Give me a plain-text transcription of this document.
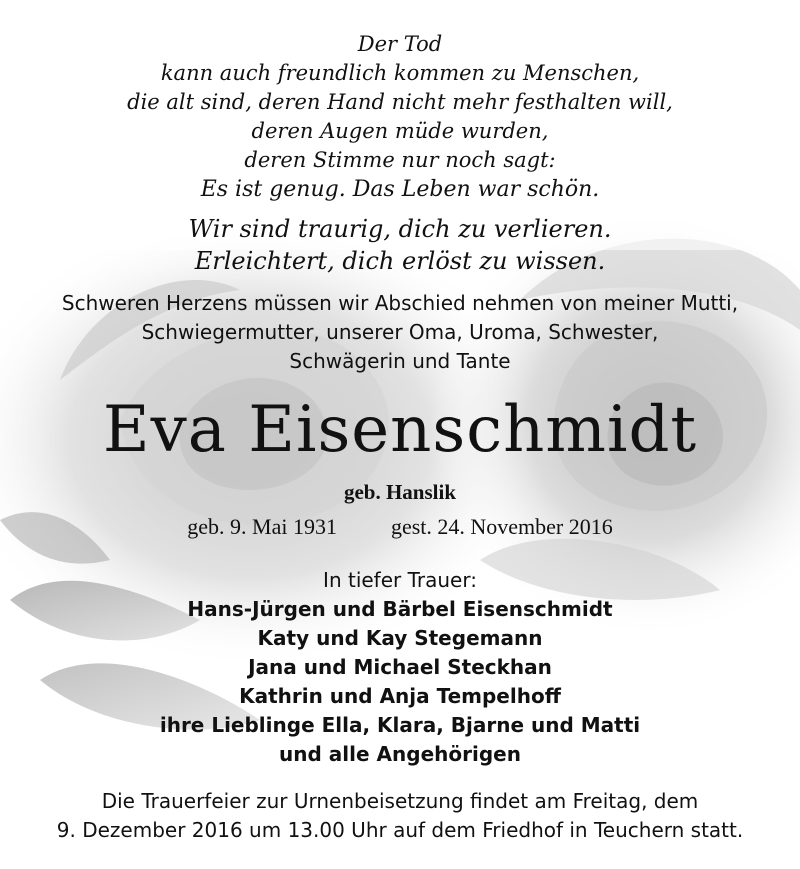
Der Tod
kann auch freundlich kommen zu Menschen,
die alt sind, deren Hand nicht mehr festhalten will,
deren Augen müde wurden,
deren Stimme nur noch sagt:
Es ist genug. Das Leben war schön.
Wir sind traurig, dich zu verlieren.
Erleichtert, dich erlöst zu wissen.
Schweren Herzens müssen wir Abschied nehmen von meiner Mutti,
Schwiegermutter, unserer Oma, Uroma, Schwester,
Schwägerin und Tante
Eva Eisenschmidt
geb. Hanslik
geb. 9. Mai 1931 gest. 24. November 2016
In tiefer Trauer:
Hans-Jürgen und Bärbel Eisenschmidt
Katy und Kay Stegemann
Jana und Michael Steckhan
Kathrin und Anja Tempelhoff
ihre Lieblinge Ella, Klara, Bjarne und Matti
und alle Angehörigen
Die Trauerfeier zur Urnenbeisetzung findet am Freitag, dem
9. Dezember 2016 um 13.00 Uhr auf dem Friedhof in Teuchern statt.
